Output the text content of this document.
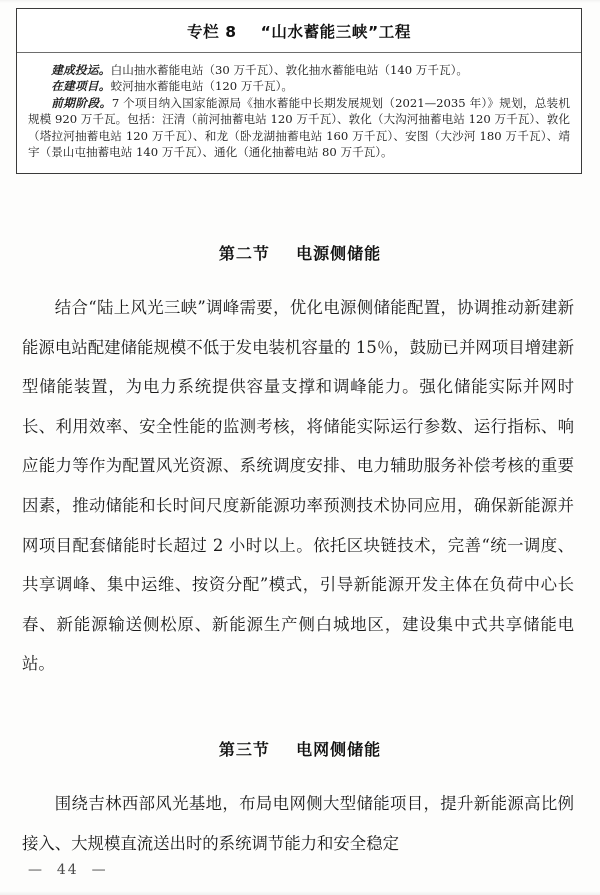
专栏 8    “山水蓄能三峡”工程

建成投运。白山抽水蓄能电站（30 万千瓦）、敦化抽水蓄能电站（140 万千瓦）。

在建项目。蛟河抽水蓄能电站（120 万千瓦）。

前期阶段。7 个项目纳入国家能源局《抽水蓄能中长期发展规划（2021—2035 年）》规划，总装机规模 920 万千瓦。包括：汪清（前河抽蓄电站 120 万千瓦）、敦化（大沟河抽蓄电站 120 万千瓦）、敦化（塔拉河抽蓄电站 120 万千瓦）、和龙（卧龙湖抽蓄电站 160 万千瓦）、安图（大沙河 180 万千瓦）、靖宇（景山屯抽蓄电站 140 万千瓦）、通化（通化抽蓄电站 80 万千瓦）。

第二节    电源侧储能
结合“陆上风光三峡”调峰需要，优化电源侧储能配置，协调推动新建新能源电站配建储能规模不低于发电装机容量的 15％，鼓励已并网项目增建新型储能装置，为电力系统提供容量支撑和调峰能力。强化储能实际并网时长、利用效率、安全性能的监测考核，将储能实际运行参数、运行指标、响应能力等作为配置风光资源、系统调度安排、电力辅助服务补偿考核的重要因素，推动储能和长时间尺度新能源功率预测技术协同应用，确保新能源并网项目配套储能时长超过 2 小时以上。依托区块链技术，完善“统一调度、共享调峰、集中运维、按资分配”模式，引导新能源开发主体在负荷中心长春、新能源输送侧松原、新能源生产侧白城地区，建设集中式共享储能电站。
第三节    电网侧储能
围绕吉林西部风光基地，布局电网侧大型储能项目，提升新能源高比例接入、大规模直流送出时的系统调节能力和安全稳定
—  44  —
